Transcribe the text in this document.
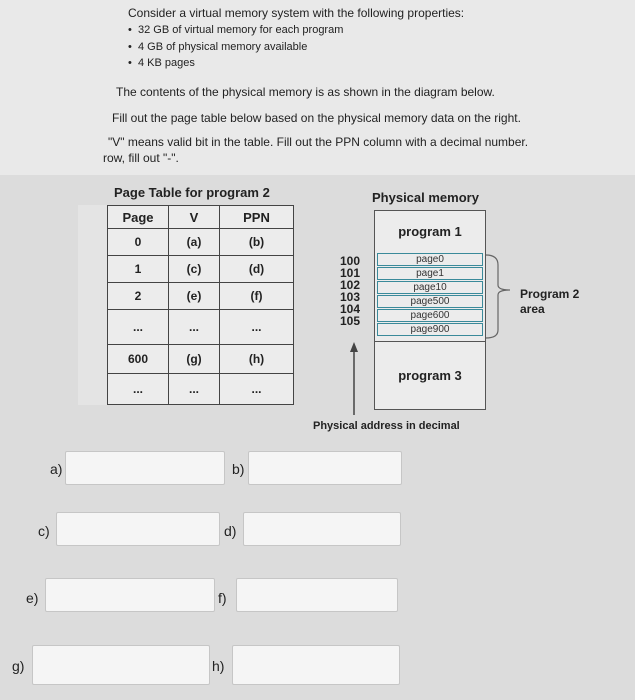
Consider a virtual memory system with the following properties:
•  32 GB of virtual memory for each program
•  4 GB of physical memory available
•  4 KB pages
The contents of the physical memory is as shown in the diagram below.
Fill out the page table below based on the physical memory data on the right.
"V" means valid bit in the table. Fill out the PPN column with a decimal number.
row, fill out "-".
Page Table for program 2
Page	V	PPN
0	(a)	(b)
1	(c)	(d)
2	(e)	(f)
...	...	...
600	(g)	(h)
...	...	...
Physical memory
program 1
page0
page1
page10
page500
page600
page900
program 3
100
101
102
103
104
105
Program 2
area
Physical address in decimal
a)	b)
c)	d)
e)	f)
g)	h)
